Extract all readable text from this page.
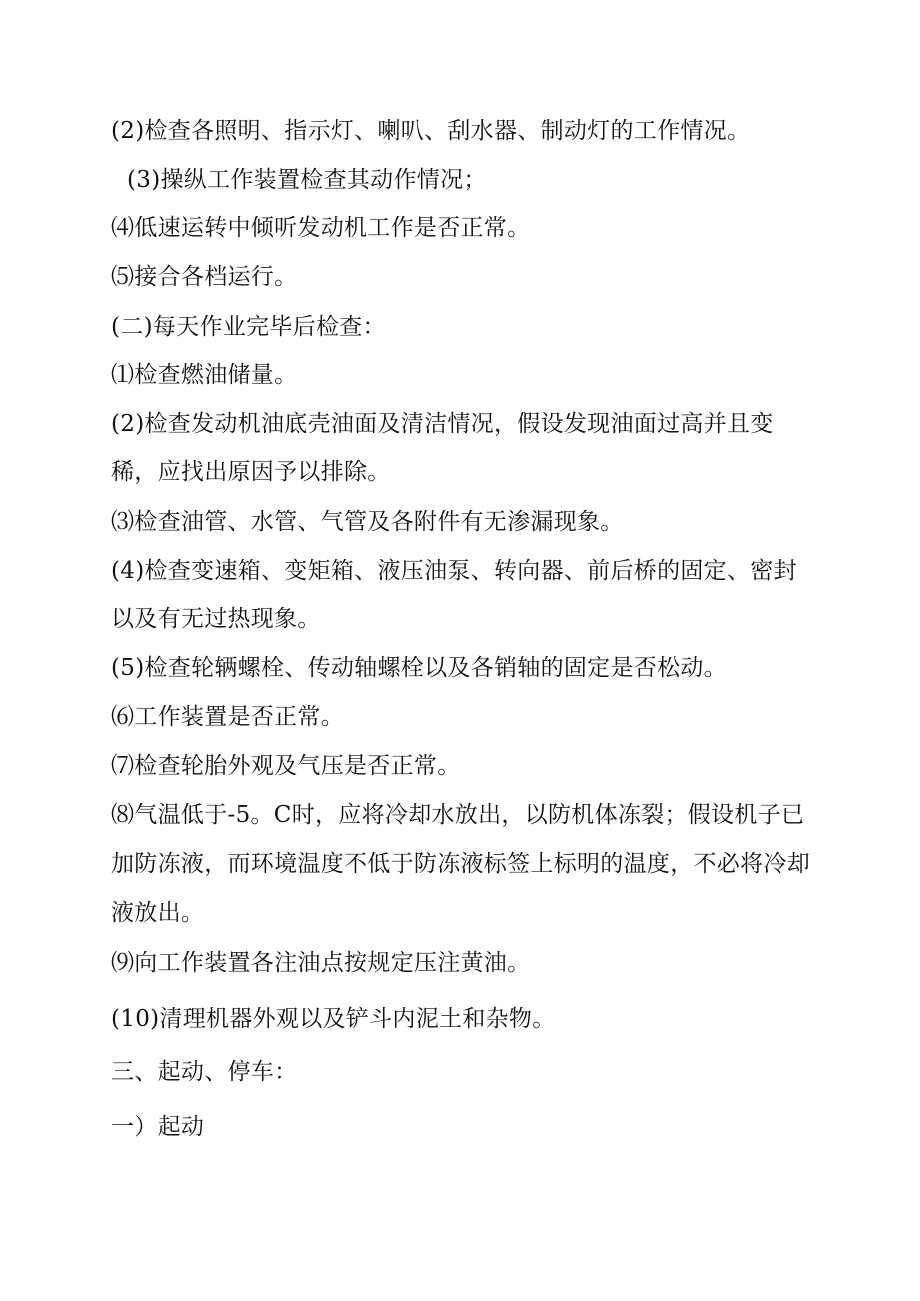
(2)检查各照明、指示灯、喇叭、刮水器、制动灯的工作情况。
(3)操纵工作装置检查其动作情况；
⑷低速运转中倾听发动机工作是否正常。
⑸接合各档运行。
(二)每天作业完毕后检查：
⑴检查燃油储量。
(2)检查发动机油底壳油面及清洁情况，假设发现油面过高并且变
稀，应找出原因予以排除。
⑶检查油管、水管、气管及各附件有无渗漏现象。
(4)检查变速箱、变矩箱、液压油泵、转向器、前后桥的固定、密封
以及有无过热现象。
(5)检查轮辆螺栓、传动轴螺栓以及各销轴的固定是否松动。
⑹工作装置是否正常。
⑺检查轮胎外观及气压是否正常。
⑻气温低于-5。C时，应将冷却水放出，以防机体冻裂；假设机子已
加防冻液，而环境温度不低于防冻液标签上标明的温度，不必将冷却
液放出。
⑼向工作装置各注油点按规定压注黄油。
(10)清理机器外观以及铲斗内泥土和杂物。
三、起动、停车：
一）起动
